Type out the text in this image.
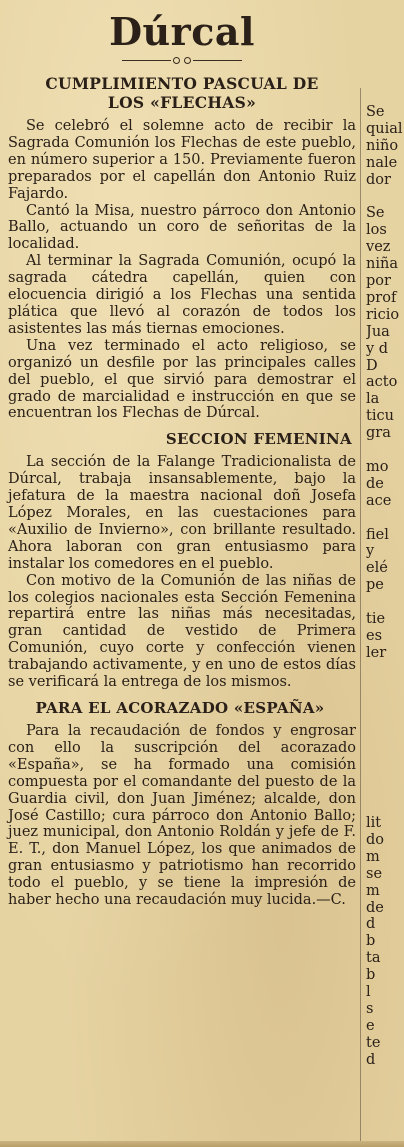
Dúrcal
CUMPLIMIENTO PASCUAL DE
LOS «FLECHAS»

Se celebró el solemne acto de recibir la Sagrada Comunión los Flechas de este pueblo, en número superior a 150. Previamente fueron preparados por el capellán don Antonio Ruiz Fajardo.

Cantó la Misa, nuestro párroco don Antonio Ballo, actuando un coro de señoritas de la localidad.

Al terminar la Sagrada Comunión, ocupó la sagrada cátedra capellán, quien con elocuencia dirigió a los Flechas una sentida plática que llevó al corazón de todos los asistentes las más tiernas emociones.

Una vez terminado el acto religioso, se organizó un desfile por las principales calles del pueblo, el que sirvió para demostrar el grado de marcialidad e instrucción en que se encuentran los Flechas de Dúrcal.

SECCION FEMENINA

La sección de la Falange Tradicionalista de Dúrcal, trabaja insansablemente, bajo la jefatura de la maestra nacional doñ Josefa López Morales, en las cuestaciones para «Auxilio de Invierno», con brillante resultado. Ahora laboran con gran entusiasmo para instalar los comedores en el pueblo.

Con motivo de la Comunión de las niñas de los colegios nacionales esta Sección Femenina repartirá entre las niñas más necesitadas, gran cantidad de vestido de Primera Comunión, cuyo corte y confección vienen trabajando activamente, y en uno de estos días se verificará la entrega de los mismos.

PARA EL ACORAZADO «ESPAÑA»

Para la recaudación de fondos y engrosar con ello la suscripción del acorazado «España», se ha formado una comisión compuesta por el comandante del puesto de la Guardia civil, don Juan Jiménez; alcalde, don José Castillo; cura párroco don Antonio Ballo; juez municipal, don Antonio Roldán y jefe de F. E. T., don Manuel López, los que animados de gran entusiasmo y patriotismo han recorrido todo el pueblo, y se tiene la impresión de haber hecho una recaudación muy lucida.—C.

Se
quial
niño
nale
dor
Se
los
vez
niña
por
prof
ricio
Jua
y d
D
acto
la
ticu
gra
mo
de
ace
fiel
y
elé
pe
tie
es
ler
lit
do
m
se
m
de
d
b
ta
b
l
s
e
te
d
